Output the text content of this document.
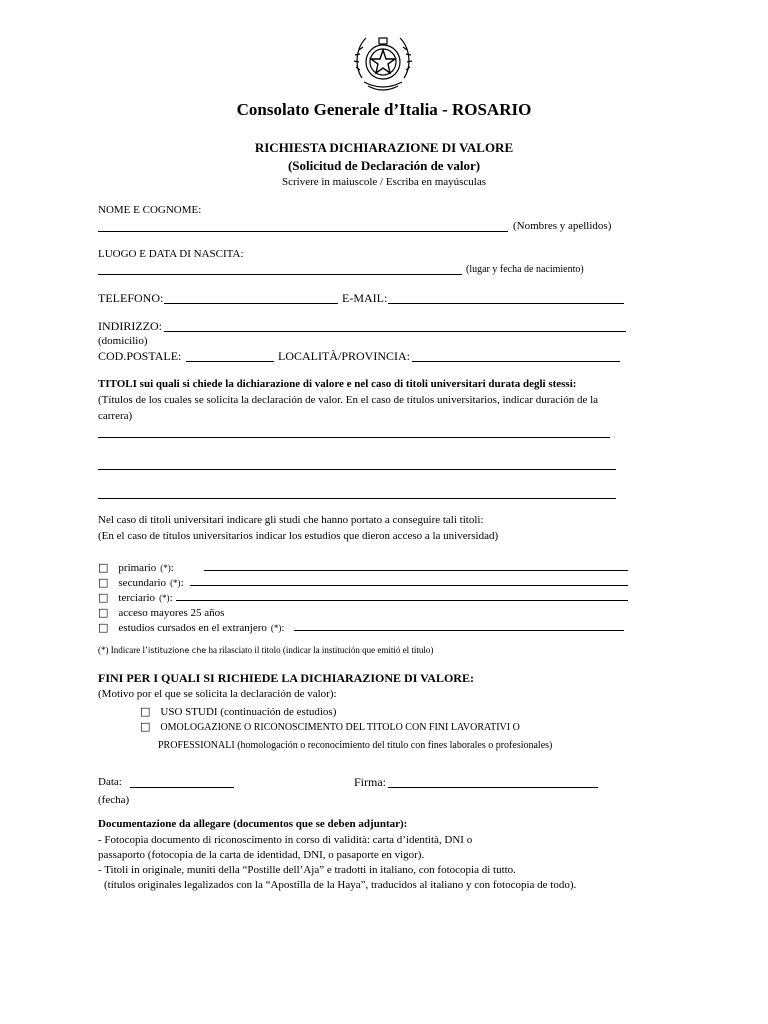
Consolato Generale d’Italia - ROSARIO
RICHIESTA DICHIARAZIONE DI VALORE
(Solicitud de Declaración de valor)
Scrivere in maiuscole / Escriba en mayúsculas
NOME E COGNOME:
(Nombres y apellidos)
LUOGO E DATA DI NASCITA:
(lugar y fecha de nacimiento)
TELEFONO:	E-MAIL:
INDIRIZZO:
(domicilio)
COD.POSTALE:	LOCALITÀ/PROVINCIA:
TITOLI sui quali si chiede la dichiarazione di valore e nel caso di titoli universitari durata degli stessi:
(Títulos de los cuales se solicita la declaración de valor. En el caso de títulos universitarios, indicar duración de la
carrera)
Nel caso di titoli universitari indicare gli studi che hanno portato a conseguire tali titoli:
(En el caso de títulos universitarios indicar los estudios que dieron acceso a la universidad)
□ primario (*):
□ secundario (*):
□ terciario (*):
□ acceso mayores 25 años
□ estudios cursados en el extranjero (*):
(*) Indicare l’istituzione che ha rilasciato il titolo (indicar la institución que emitió el título)
FINI PER I QUALI SI RICHIEDE LA DICHIARAZIONE DI VALORE:
(Motivo por el que se solicita la declaración de valor):
□ USO STUDI (continuación de estudios)
□ OMOLOGAZIONE O RICONOSCIMENTO DEL TITOLO CON FINI LAVORATIVI O
PROFESSIONALI (homologación o reconocimiento del título con fines laborales o profesionales)
Data:
(fecha)
Firma:
Documentazione da allegare (documentos que se deben adjuntar):
- Fotocopia documento di riconoscimento in corso di validità: carta d’identità, DNI o
passaporto (fotocopia de la carta de identidad, DNI, o pasaporte en vigor).
- Titoli in originale, muniti della “Postille dell’Aja” e tradotti in italiano, con fotocopia di tutto.
(títulos originales legalizados con la “Apostilla de la Haya”, traducidos al italiano y con fotocopia de todo).
